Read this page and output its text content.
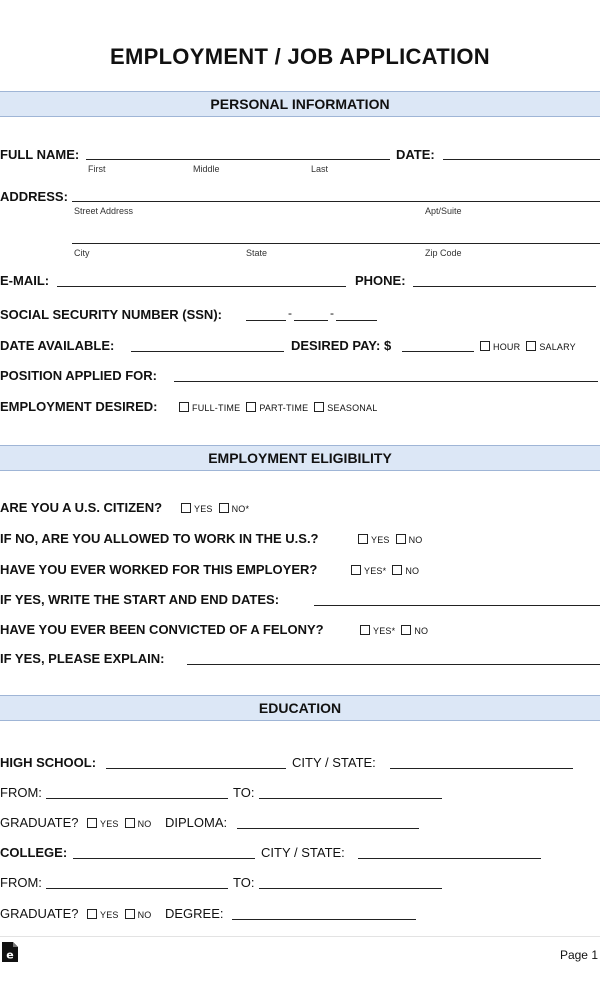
EMPLOYMENT / JOB APPLICATION
PERSONAL INFORMATION
FULL NAME:
First	Middle	Last
DATE:
ADDRESS:
Street Address	Apt/Suite
City	State	Zip Code
E-MAIL:	PHONE:
SOCIAL SECURITY NUMBER (SSN):	-	-
DATE AVAILABLE:	DESIRED PAY: $	HOUR SALARY
POSITION APPLIED FOR:
EMPLOYMENT DESIRED:	FULL-TIME PART-TIME SEASONAL
EMPLOYMENT ELIGIBILITY
ARE YOU A U.S. CITIZEN?	YES NO*
IF NO, ARE YOU ALLOWED TO WORK IN THE U.S.?	YES NO
HAVE YOU EVER WORKED FOR THIS EMPLOYER?	YES* NO
IF YES, WRITE THE START AND END DATES:
HAVE YOU EVER BEEN CONVICTED OF A FELONY?	YES* NO
IF YES, PLEASE EXPLAIN:
EDUCATION
HIGH SCHOOL:	CITY / STATE:
FROM:	TO:
GRADUATE?	YES NO DIPLOMA:
COLLEGE:	CITY / STATE:
FROM:	TO:
GRADUATE?	YES NO DEGREE:
e	Page 1
